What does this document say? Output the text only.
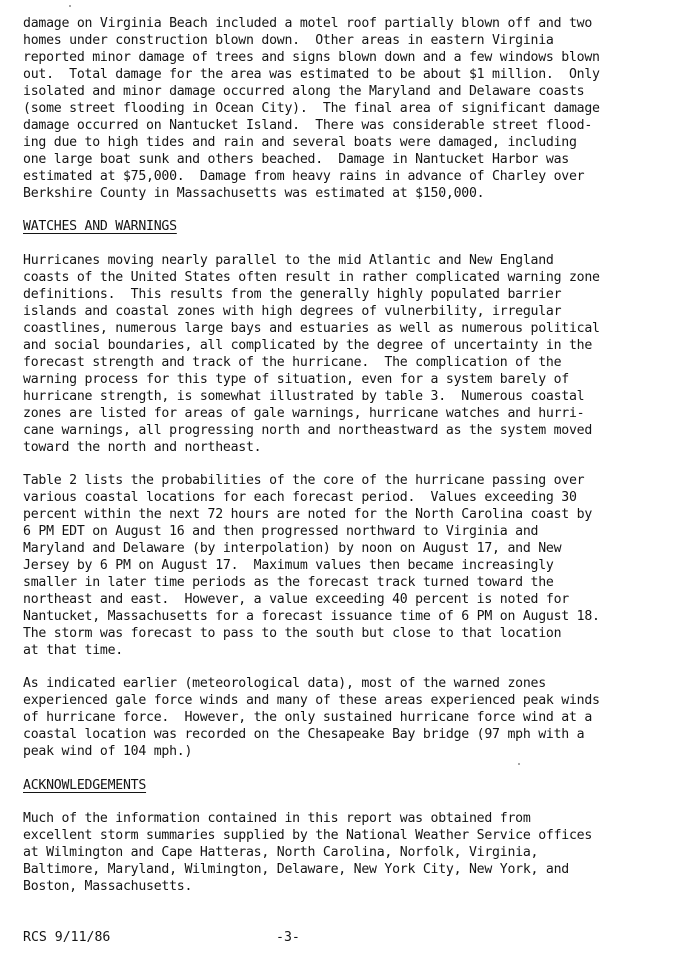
damage on Virginia Beach included a motel roof partially blown off and two
homes under construction blown down.  Other areas in eastern Virginia
reported minor damage of trees and signs blown down and a few windows blown
out.  Total damage for the area was estimated to be about $1 million.  Only
isolated and minor damage occurred along the Maryland and Delaware coasts
(some street flooding in Ocean City).  The final area of significant damage
damage occurred on Nantucket Island.  There was considerable street flood-
ing due to high tides and rain and several boats were damaged, including
one large boat sunk and others beached.  Damage in Nantucket Harbor was
estimated at $75,000.  Damage from heavy rains in advance of Charley over
Berkshire County in Massachusetts was estimated at $150,000.
WATCHES AND WARNINGS
Hurricanes moving nearly parallel to the mid Atlantic and New England
coasts of the United States often result in rather complicated warning zone
definitions.  This results from the generally highly populated barrier
islands and coastal zones with high degrees of vulnerbility, irregular
coastlines, numerous large bays and estuaries as well as numerous political
and social boundaries, all complicated by the degree of uncertainty in the
forecast strength and track of the hurricane.  The complication of the
warning process for this type of situation, even for a system barely of
hurricane strength, is somewhat illustrated by table 3.  Numerous coastal
zones are listed for areas of gale warnings, hurricane watches and hurri-
cane warnings, all progressing north and northeastward as the system moved
toward the north and northeast.
Table 2 lists the probabilities of the core of the hurricane passing over
various coastal locations for each forecast period.  Values exceeding 30
percent within the next 72 hours are noted for the North Carolina coast by
6 PM EDT on August 16 and then progressed northward to Virginia and
Maryland and Delaware (by interpolation) by noon on August 17, and New
Jersey by 6 PM on August 17.  Maximum values then became increasingly
smaller in later time periods as the forecast track turned toward the
northeast and east.  However, a value exceeding 40 percent is noted for
Nantucket, Massachusetts for a forecast issuance time of 6 PM on August 18.
The storm was forecast to pass to the south but close to that location
at that time.
As indicated earlier (meteorological data), most of the warned zones
experienced gale force winds and many of these areas experienced peak winds
of hurricane force.  However, the only sustained hurricane force wind at a
coastal location was recorded on the Chesapeake Bay bridge (97 mph with a
peak wind of 104 mph.)
ACKNOWLEDGEMENTS
Much of the information contained in this report was obtained from
excellent storm summaries supplied by the National Weather Service offices
at Wilmington and Cape Hatteras, North Carolina, Norfolk, Virginia,
Baltimore, Maryland, Wilmington, Delaware, New York City, New York, and
Boston, Massachusetts.
RCS 9/11/86	-3-
